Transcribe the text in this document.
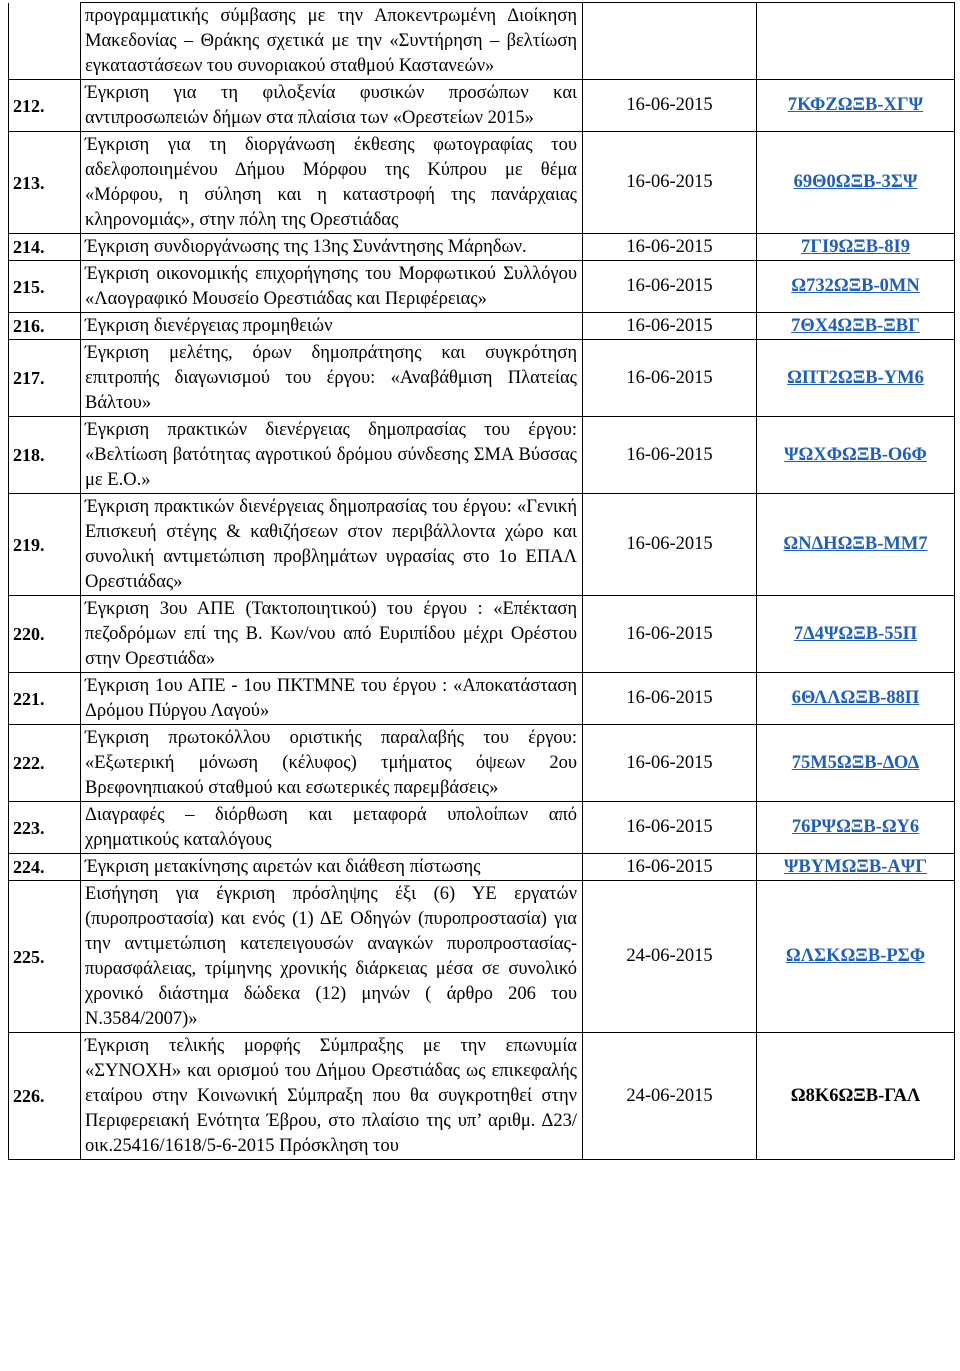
	προγραμματικής σύμβασης με την Αποκεντρωμένη Διοίκηση Μακεδονίας – Θράκης σχετικά με την «Συντήρηση – βελτίωση εγκαταστάσεων του συνοριακού σταθμού Καστανεών»		
212.	Έγκριση για τη φιλοξενία φυσικών προσώπων και αντιπροσωπειών δήμων στα πλαίσια των «Ορεστείων 2015»	16-06-2015	7ΚΦΖΩΞΒ-ΧΓΨ
213.	Έγκριση για τη διοργάνωση έκθεσης φωτογραφίας του αδελφοποιημένου Δήμου Μόρφου της Κύπρου με θέμα «Μόρφου, η σύληση και η καταστροφή της πανάρχαιας κληρονομιάς», στην πόλη της Ορεστιάδας	16-06-2015	69Θ0ΩΞΒ-3ΣΨ
214.	Έγκριση συνδιοργάνωσης της 13ης Συνάντησης Μάρηδων.	16-06-2015	7ΓΙ9ΩΞΒ-8Ι9
215.	Έγκριση οικονομικής επιχορήγησης του Μορφωτικού Συλλόγου «Λαογραφικό Μουσείο Ορεστιάδας και Περιφέρειας»	16-06-2015	Ω732ΩΞΒ-0ΜΝ
216.	Έγκριση διενέργειας προμηθειών	16-06-2015	7ΘΧ4ΩΞΒ-ΞΒΓ
217.	Έγκριση μελέτης, όρων δημοπράτησης και συγκρότηση επιτροπής διαγωνισμού του έργου: «Αναβάθμιση Πλατείας Βάλτου»	16-06-2015	ΩΠΤ2ΩΞΒ-ΥΜ6
218.	Έγκριση πρακτικών διενέργειας δημοπρασίας του έργου: «Βελτίωση βατότητας αγροτικού δρόμου σύνδεσης ΣΜΑ Βύσσας με Ε.Ο.»	16-06-2015	ΨΩΧΦΩΞΒ-Ο6Φ
219.	Έγκριση πρακτικών διενέργειας δημοπρασίας του έργου: «Γενική Επισκευή στέγης & καθιζήσεων στον περιβάλλοντα χώρο και συνολική αντιμετώπιση προβλημάτων υγρασίας στο 1ο ΕΠΑΛ Ορεστιάδας»	16-06-2015	ΩΝΔΗΩΞΒ-ΜΜ7
220.	Έγκριση 3ου ΑΠΕ (Τακτοποιητικού) του έργου : «Επέκταση πεζοδρόμων επί της Β. Κων/νου από Ευριπίδου μέχρι Ορέστου στην Ορεστιάδα»	16-06-2015	7Δ4ΨΩΞΒ-55Π
221.	Έγκριση 1ου ΑΠΕ - 1ου ΠΚΤΜΝΕ του έργου : «Αποκατάσταση Δρόμου Πύργου Λαγού»	16-06-2015	6ΘΛΛΩΞΒ-88Π
222.	Έγκριση πρωτοκόλλου οριστικής παραλαβής του έργου: «Εξωτερική μόνωση (κέλυφος) τμήματος όψεων 2ου Βρεφονηπιακού σταθμού και εσωτερικές παρεμβάσεις»	16-06-2015	75Μ5ΩΞΒ-ΔΟΔ
223.	Διαγραφές – διόρθωση και μεταφορά υπολοίπων από χρηματικούς καταλόγους	16-06-2015	76ΡΨΩΞΒ-ΩΥ6
224.	Έγκριση μετακίνησης αιρετών και διάθεση πίστωσης	16-06-2015	ΨΒΥΜΩΞΒ-ΑΨΓ
225.	Εισήγηση για έγκριση πρόσληψης έξι (6) ΥΕ εργατών (πυροπροστασία) και ενός (1) ΔΕ Οδηγών (πυροπροστασία) για την αντιμετώπιση κατεπειγουσών αναγκών πυροπροστασίας-πυρασφάλειας, τρίμηνης χρονικής διάρκειας μέσα σε συνολικό χρονικό διάστημα δώδεκα (12) μηνών ( άρθρο 206 του Ν.3584/2007)»	24-06-2015	ΩΛΣΚΩΞΒ-ΡΣΦ
226.	Έγκριση τελικής μορφής Σύμπραξης με την επωνυμία «ΣΥΝΟΧΗ» και ορισμού του Δήμου Ορεστιάδας ως επικεφαλής εταίρου στην Κοινωνική Σύμπραξη που θα συγκροτηθεί στην Περιφερειακή Ενότητα Έβρου, στο πλαίσιο της υπ’ αριθμ. Δ23/οικ.25416/1618/5-6-2015 Πρόσκληση του	24-06-2015	Ω8Κ6ΩΞΒ-ΓΑΛ
